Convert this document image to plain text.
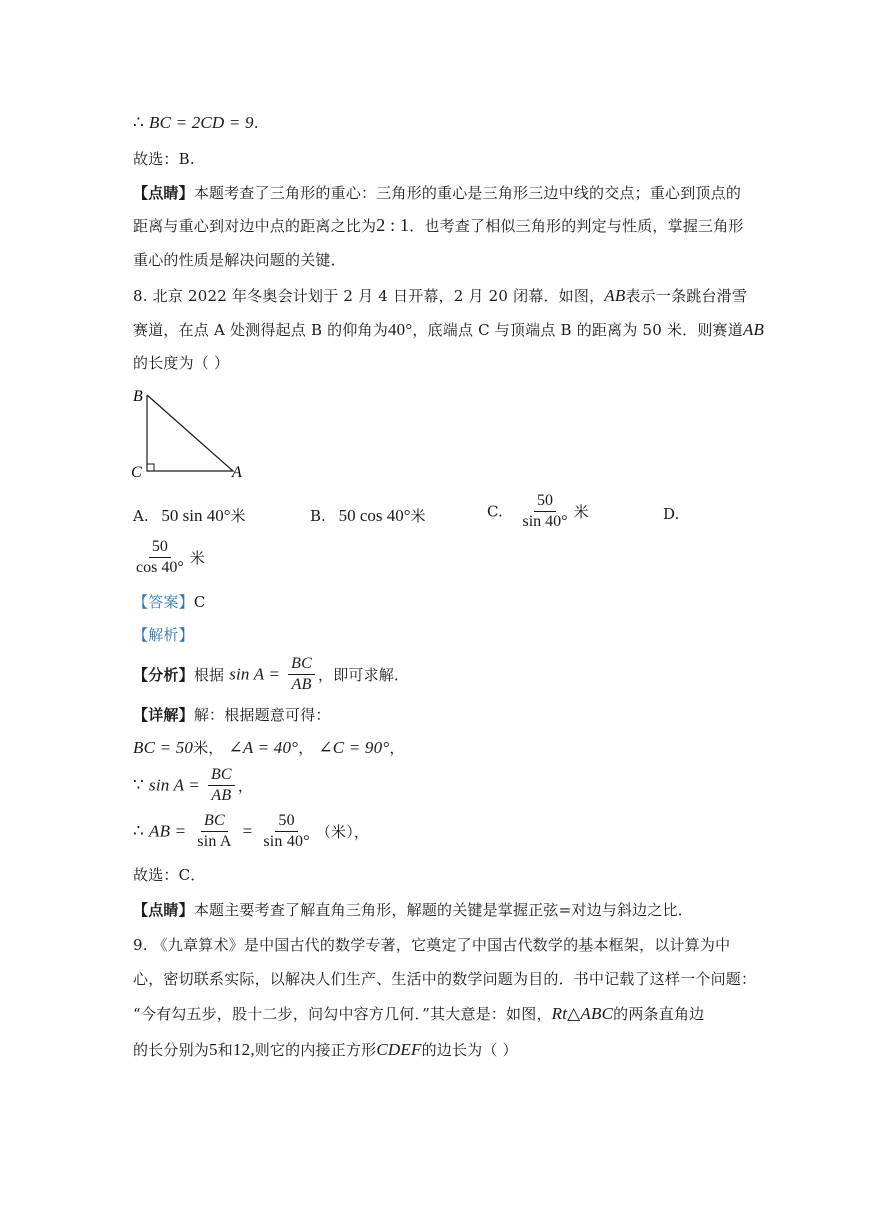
∴ BC = 2CD = 9.
故选：B.
【点睛】本题考查了三角形的重心：三角形的重心是三角形三边中线的交点；重心到顶点的
距离与重心到对边中点的距离之比为2 : 1．也考查了相似三角形的判定与性质，掌握三角形
重心的性质是解决问题的关键．
8. 北京 2022 年冬奥会计划于 2 月 4 日开幕，2 月 20 闭幕．如图，AB表示一条跳台滑雪
赛道，在点 A 处测得起点 B 的仰角为40°，底端点 C 与顶端点 B 的距离为 50 米．则赛道AB
的长度为（ ）
B
C	A
A. 50 sin 40°米	B. 50 cos 40°米	C. $\frac{50}{\sin 40^\circ}$ 米	D.
$\frac{50}{\cos 40^\circ}$ 米
【答案】C
【解析】
【分析】根据 $\sin A = \frac{BC}{AB}$ ，即可求解．
【详解】解：根据题意可得：
BC = 50米， ∠A = 40°， ∠C = 90°，
∵ $\sin A = \frac{BC}{AB}$ ，
∴ AB = $\frac{BC}{\text{sin A}} = \frac{50}{\sin 40^\circ}$ （米），
故选：C．
【点睛】本题主要考查了解直角三角形，解题的关键是掌握正弦=对边与斜边之比．
9. 《九章算术》是中国古代的数学专著，它奠定了中国古代数学的基本框架，以计算为中
心，密切联系实际，以解决人们生产、生活中的数学问题为目的．书中记载了这样一个问题：
“今有勾五步，股十二步，问勾中容方几何．”其大意是：如图，Rt△ABC的两条直角边
的长分别为5和12,则它的内接正方形CDEF的边长为（ ）
